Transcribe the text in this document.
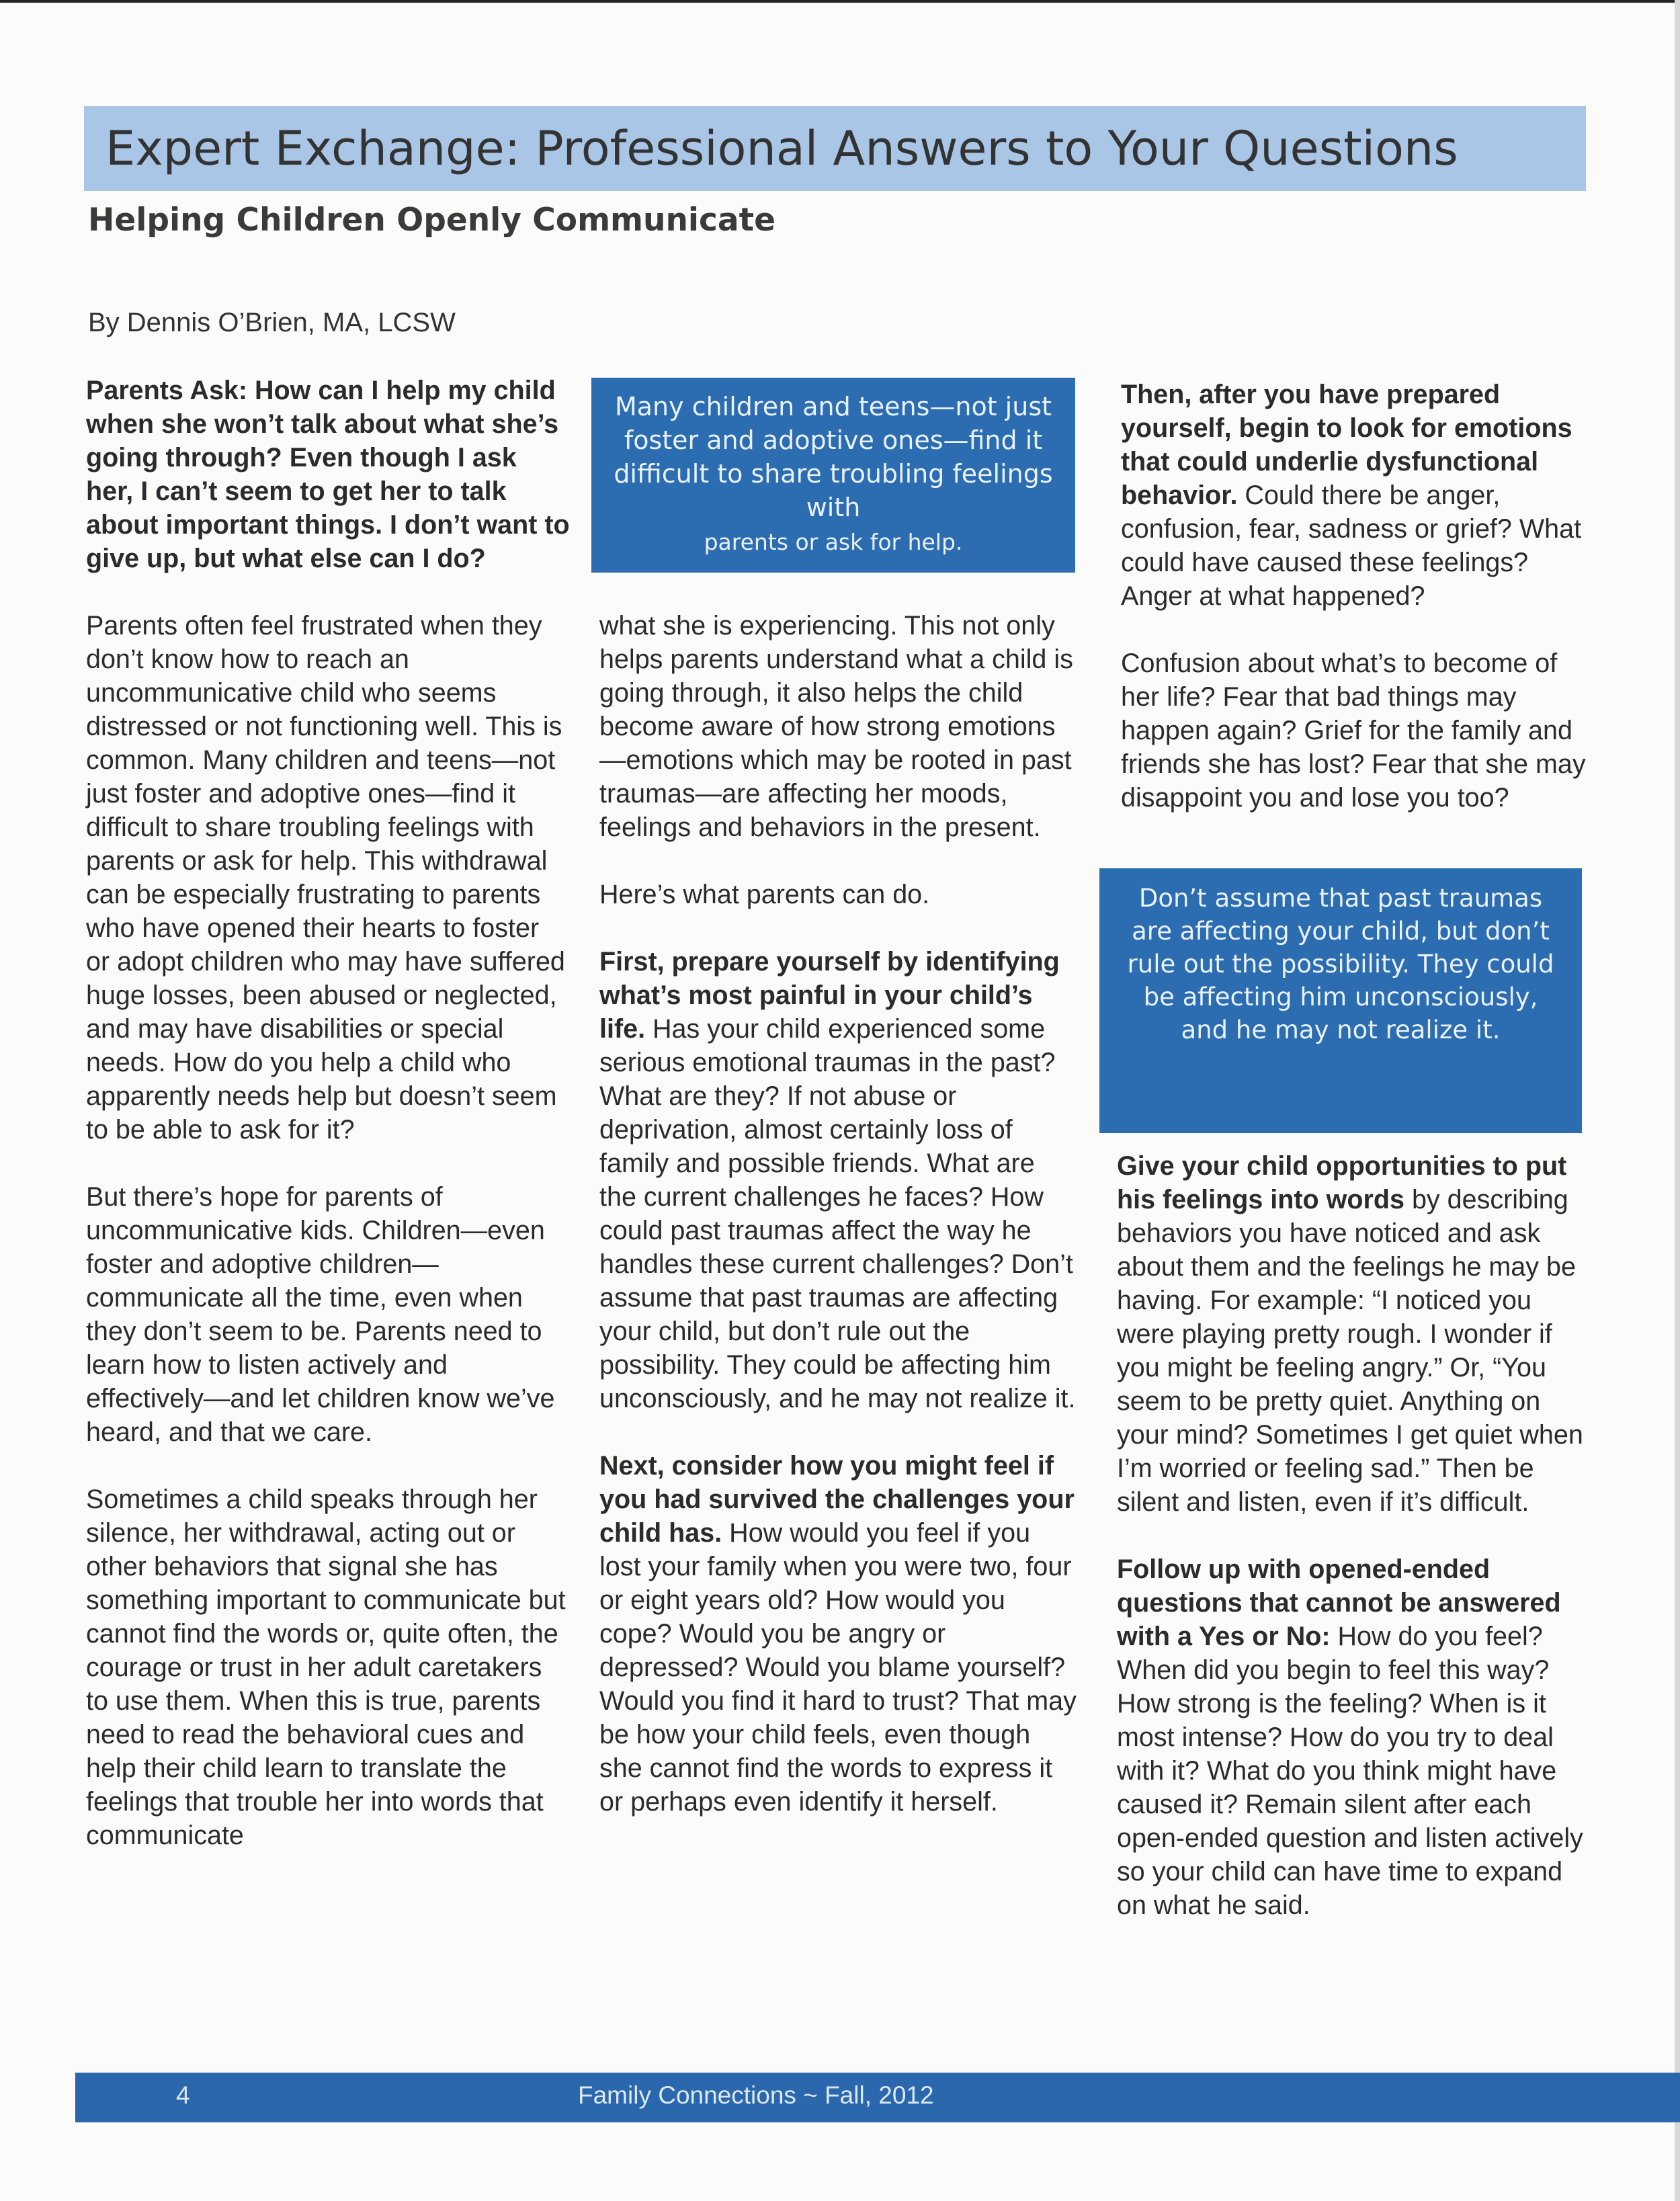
Expert Exchange: Professional Answers to Your Questions
Helping Children Openly Communicate
By Dennis O’Brien, MA, LCSW

Parents Ask: How can I help my child when she won’t talk about what she’s going through? Even though I ask her, I can’t seem to get her to talk about important things. I don’t want to give up, but what else can I do?

Parents often feel frustrated when they don’t know how to reach an uncommunicative child who seems distressed or not functioning well. This is common. Many children and teens—not just foster and adoptive ones—find it difficult to share troubling feelings with parents or ask for help. This withdrawal can be especially frustrating to parents who have opened their hearts to foster or adopt children who may have suffered huge losses, been abused or neglected, and may have disabilities or special needs. How do you help a child who apparently needs help but doesn’t seem to be able to ask for it?

But there’s hope for parents of uncommunicative kids. Children—even foster and adoptive children—communicate all the time, even when they don’t seem to be. Parents need to learn how to listen actively and effectively—and let children know we’ve heard, and that we care.

Sometimes a child speaks through her silence, her withdrawal, acting out or other behaviors that signal she has something important to communicate but cannot find the words or, quite often, the courage or trust in her adult caretakers to use them. When this is true, parents need to read the behavioral cues and help their child learn to translate the feelings that trouble her into words that communicate

Many children and teens—not just foster and adoptive ones—find it difficult to share troubling feelings with
parents or ask for help.

what she is experiencing. This not only helps parents understand what a child is going through, it also helps the child become aware of how strong emotions—emotions which may be rooted in past traumas—are affecting her moods, feelings and behaviors in the present.

Here’s what parents can do.

First, prepare yourself by identifying what’s most painful in your child’s life. Has your child experienced some serious emotional traumas in the past? What are they? If not abuse or deprivation, almost certainly loss of family and possible friends. What are the current challenges he faces? How could past traumas affect the way he handles these current challenges? Don’t assume that past traumas are affecting your child, but don’t rule out the possibility. They could be affecting him unconsciously, and he may not realize it.

Next, consider how you might feel if you had survived the challenges your child has. How would you feel if you lost your family when you were two, four or eight years old? How would you cope? Would you be angry or depressed? Would you blame yourself? Would you find it hard to trust? That may be how your child feels, even though she cannot find the words to express it or perhaps even identify it herself.

Then, after you have prepared yourself, begin to look for emotions that could underlie dysfunctional behavior. Could there be anger, confusion, fear, sadness or grief? What could have caused these feelings? Anger at what happened?

Confusion about what’s to become of her life? Fear that bad things may happen again? Grief for the family and friends she has lost? Fear that she may disappoint you and lose you too?

Don’t assume that past traumas are affecting your child, but don’t rule out the possibility. They could be affecting him unconsciously, and he may not realize it.

Give your child opportunities to put his feelings into words by describing behaviors you have noticed and ask about them and the feelings he may be having. For example: “I noticed you were playing pretty rough. I wonder if you might be feeling angry.” Or, “You seem to be pretty quiet. Anything on your mind? Sometimes I get quiet when I’m worried or feeling sad.” Then be silent and listen, even if it’s difficult.

Follow up with opened-ended questions that cannot be answered with a Yes or No: How do you feel? When did you begin to feel this way? How strong is the feeling? When is it most intense? How do you try to deal with it? What do you think might have caused it? Remain silent after each open-ended question and listen actively so your child can have time to expand on what he said.

4	Family Connections ~ Fall, 2012
